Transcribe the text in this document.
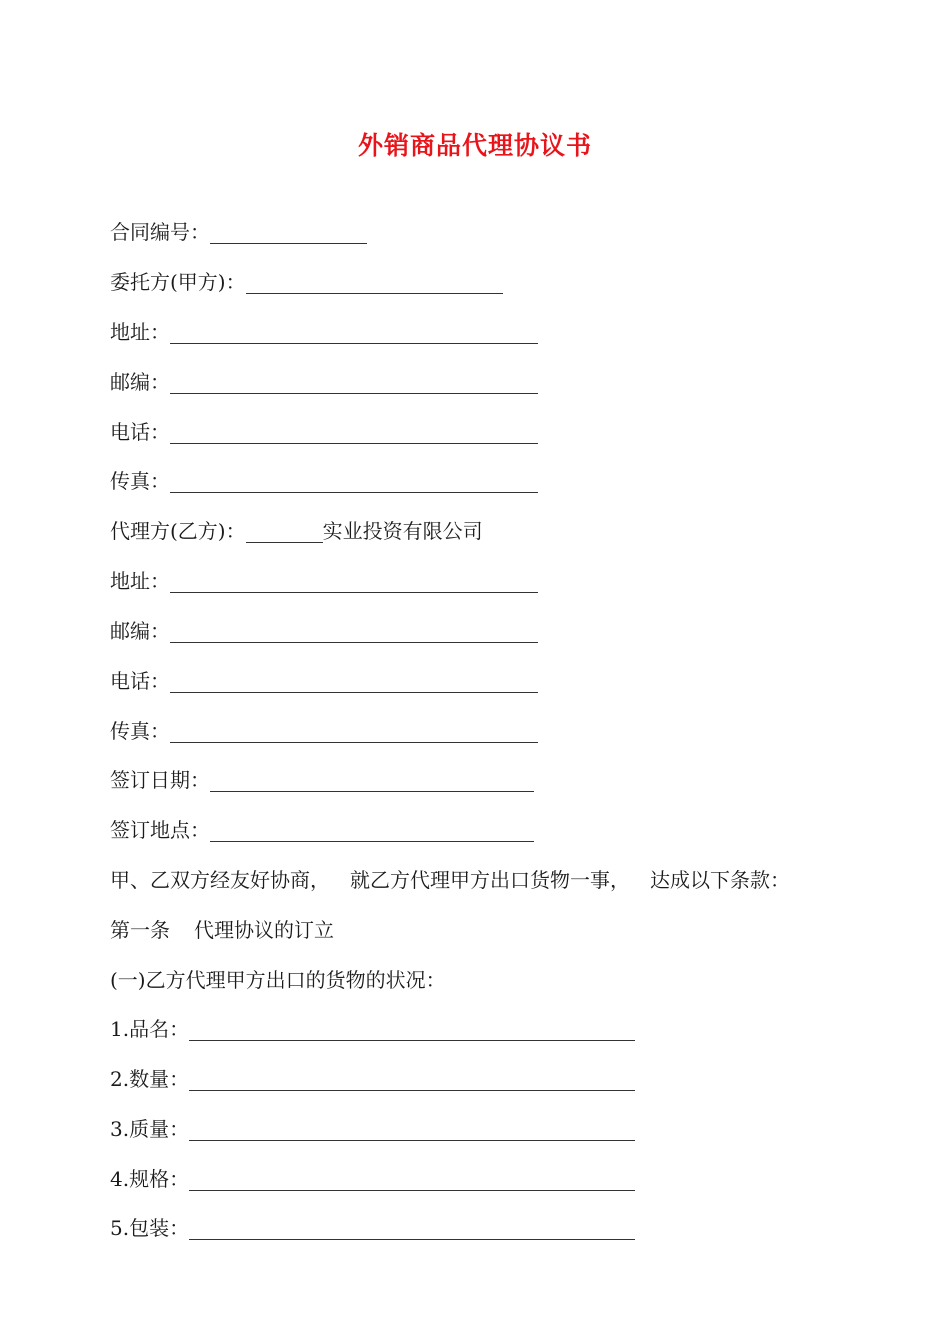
外销商品代理协议书
合同编号：
委托方(甲方)：
地址：
邮编：
电话：
传真：
代理方(乙方)：	实业投资有限公司
地址：
邮编：
电话：
传真：
签订日期：
签订地点：
甲、乙双方经友好协商， 就乙方代理甲方出口货物一事， 达成以下条款：
第一条 代理协议的订立
(一)乙方代理甲方出口的货物的状况：
1.品名：
2.数量：
3.质量：
4.规格：
5.包装：
